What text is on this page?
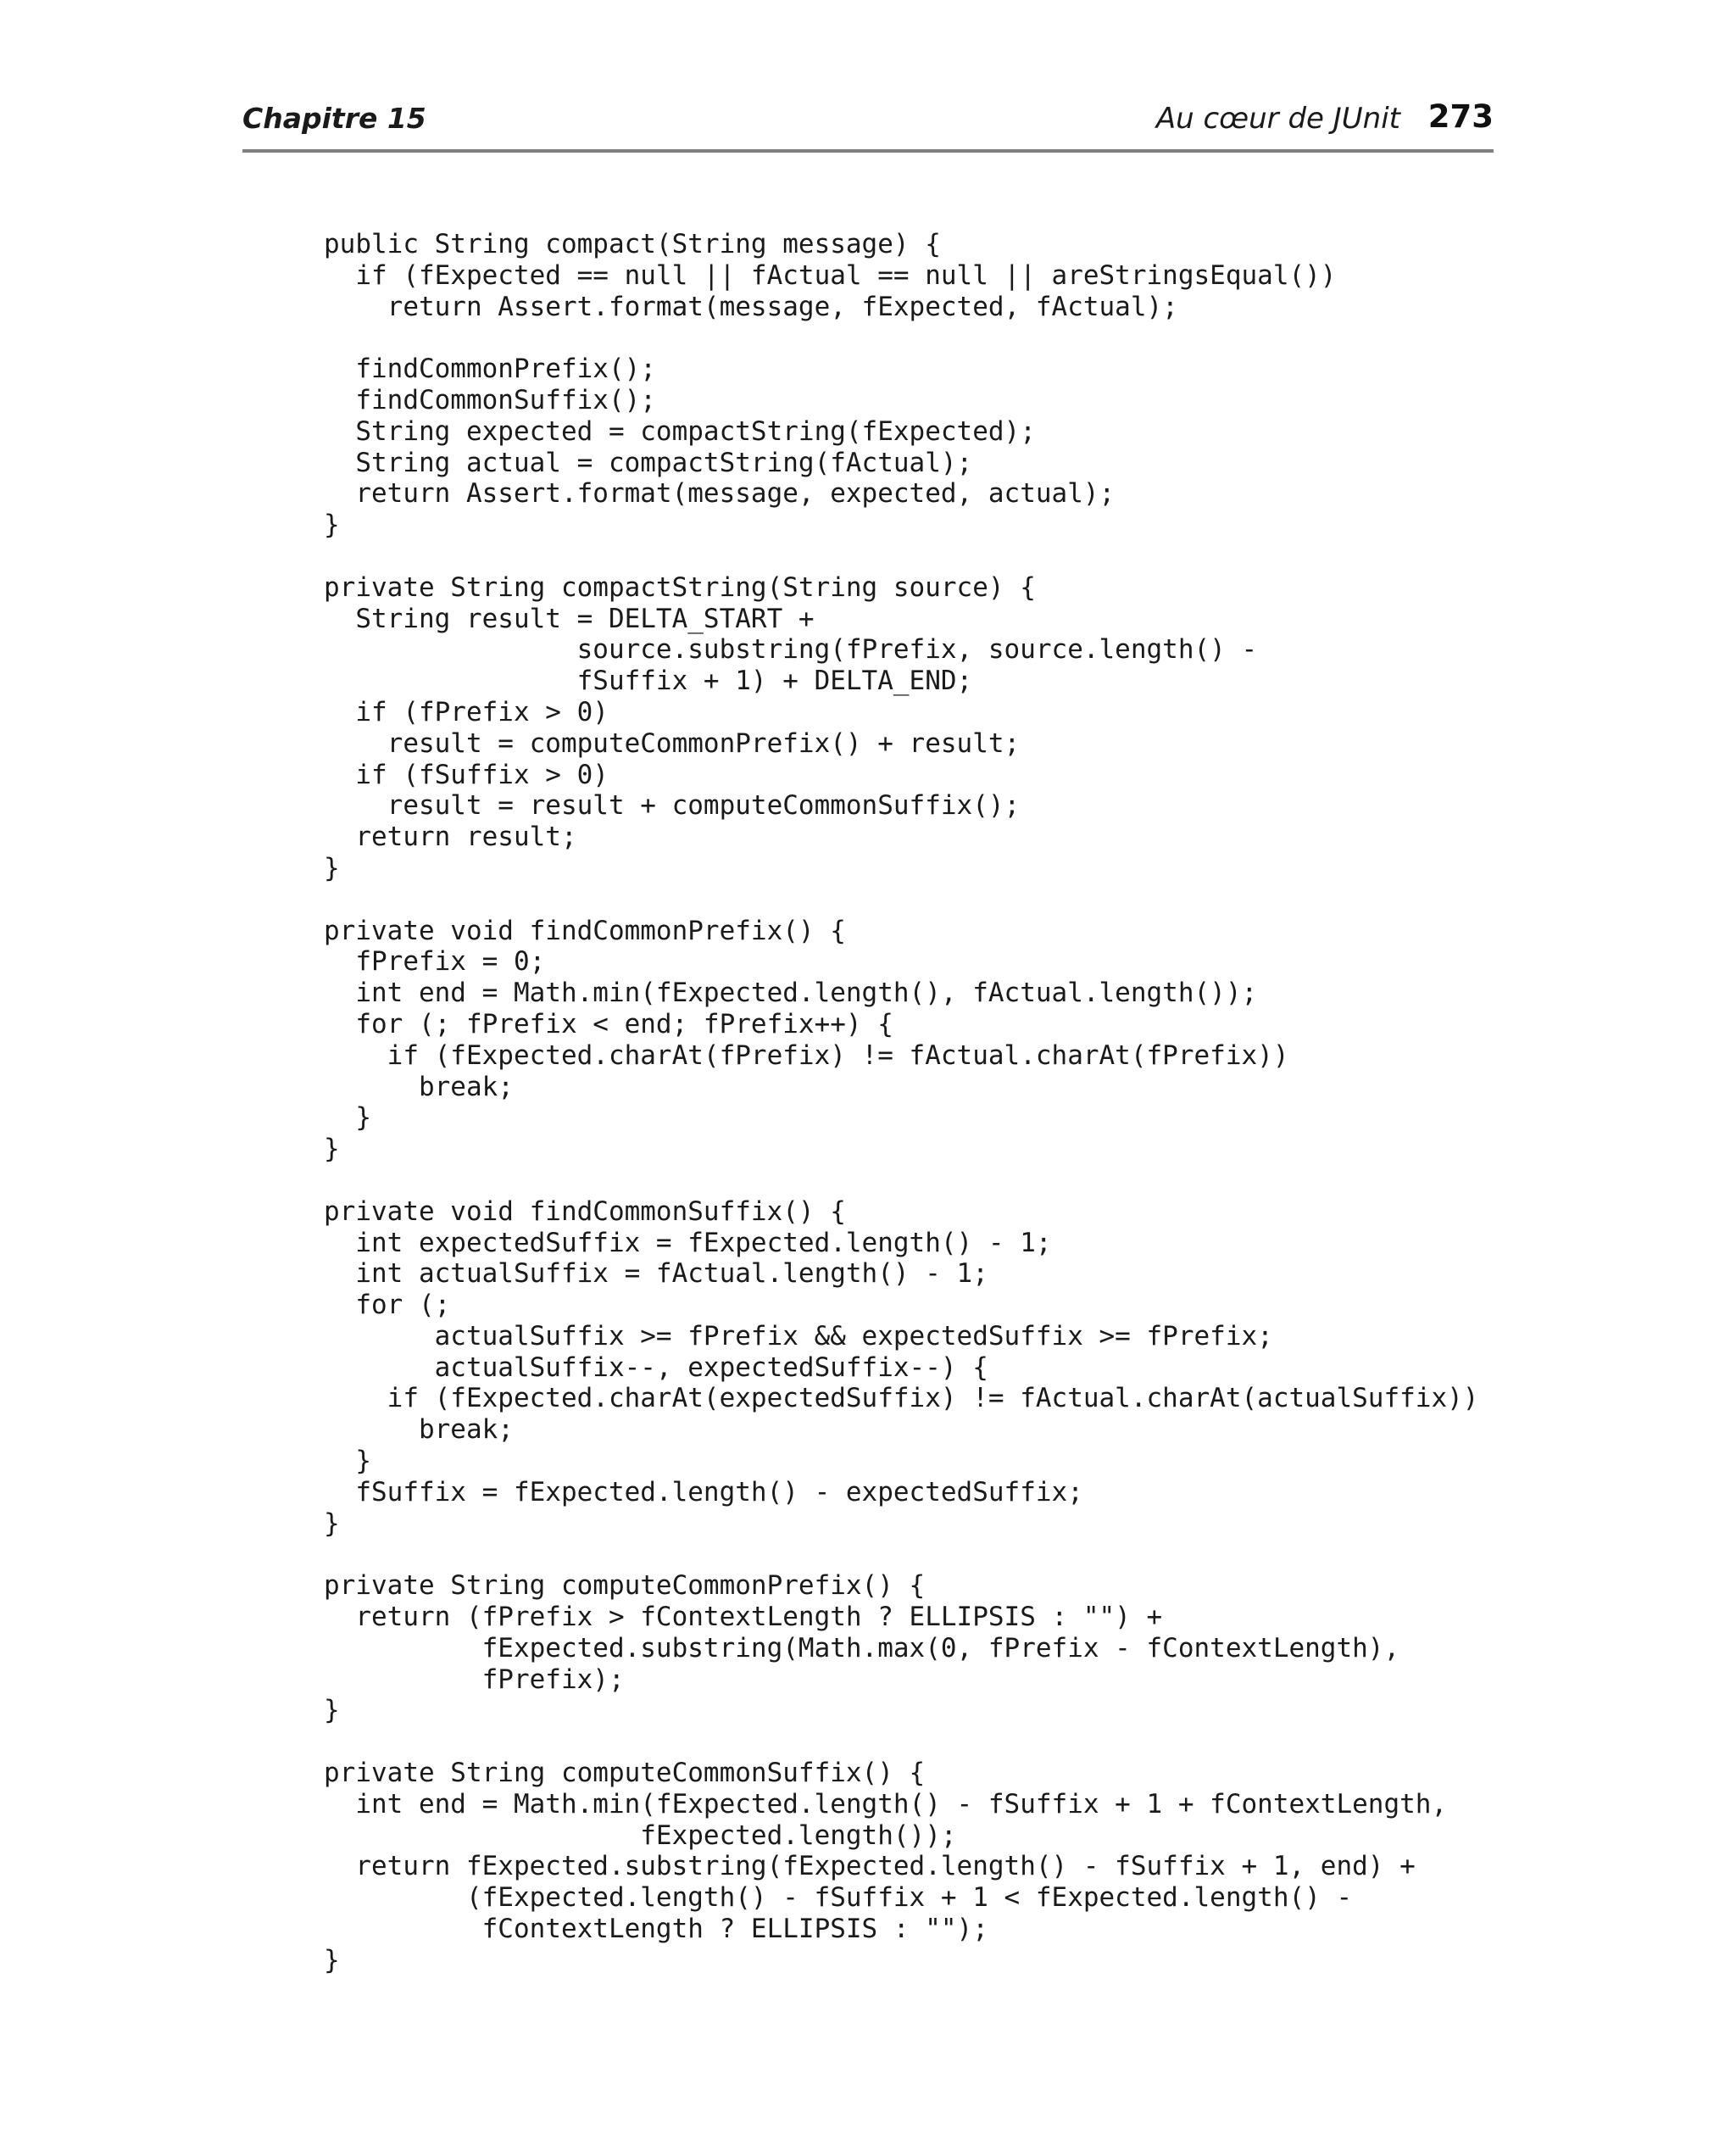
Chapitre 15	Au cœur de JUnit 273
public String compact(String message) {
if (fExpected == null || fActual == null || areStringsEqual())
return Assert.format(message, fExpected, fActual);
findCommonPrefix();
findCommonSuffix();
String expected = compactString(fExpected);
String actual = compactString(fActual);
return Assert.format(message, expected, actual);
}
private String compactString(String source) {
String result = DELTA_START +
source.substring(fPrefix, source.length() -
fSuffix + 1) + DELTA_END;
if (fPrefix > 0)
result = computeCommonPrefix() + result;
if (fSuffix > 0)
result = result + computeCommonSuffix();
return result;
}
private void findCommonPrefix() {
fPrefix = 0;
int end = Math.min(fExpected.length(), fActual.length());
for (; fPrefix < end; fPrefix++) {
if (fExpected.charAt(fPrefix) != fActual.charAt(fPrefix))
break;
}
}
private void findCommonSuffix() {
int expectedSuffix = fExpected.length() - 1;
int actualSuffix = fActual.length() - 1;
for (;
actualSuffix >= fPrefix && expectedSuffix >= fPrefix;
actualSuffix--, expectedSuffix--) {
if (fExpected.charAt(expectedSuffix) != fActual.charAt(actualSuffix))
break;
}
fSuffix = fExpected.length() - expectedSuffix;
}
private String computeCommonPrefix() {
return (fPrefix > fContextLength ? ELLIPSIS : "") +
fExpected.substring(Math.max(0, fPrefix - fContextLength),
fPrefix);
}
private String computeCommonSuffix() {
int end = Math.min(fExpected.length() - fSuffix + 1 + fContextLength,
fExpected.length());
return fExpected.substring(fExpected.length() - fSuffix + 1, end) +
(fExpected.length() - fSuffix + 1 < fExpected.length() -
fContextLength ? ELLIPSIS : "");
}
